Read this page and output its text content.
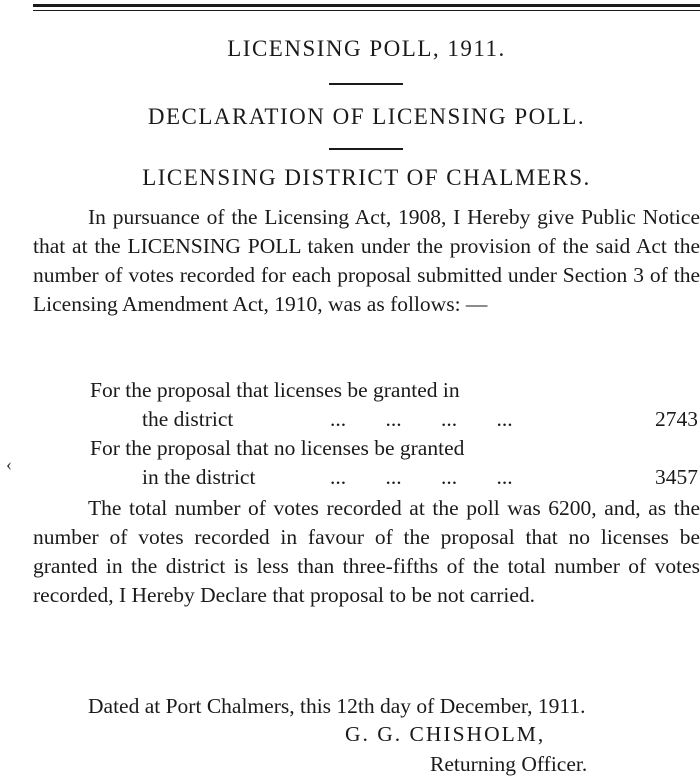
LICENSING POLL, 1911.
DECLARATION OF LICENSING POLL.
LICENSING DISTRICT OF CHALMERS.
In pursuance of the Licensing Act, 1908, I Hereby give Public Notice that at the LICENSING POLL taken under the provision of the said Act the number of votes recorded for each proposal submitted under Section 3 of the Licensing Amendment Act, 1910, was as follows: —
For the proposal that licenses be granted in
the district	... ... ... ...	2743
For the proposal that no licenses be granted
in the district	... ... ... ...	3457
The total number of votes recorded at the poll was 6200, and, as the number of votes recorded in favour of the proposal that no licenses be granted in the district is less than three-fifths of the total number of votes recorded, I Hereby Declare that proposal to be not carried.
Dated at Port Chalmers, this 12th day of December, 1911.
G. G. CHISHOLM,
Returning Officer.
‹
